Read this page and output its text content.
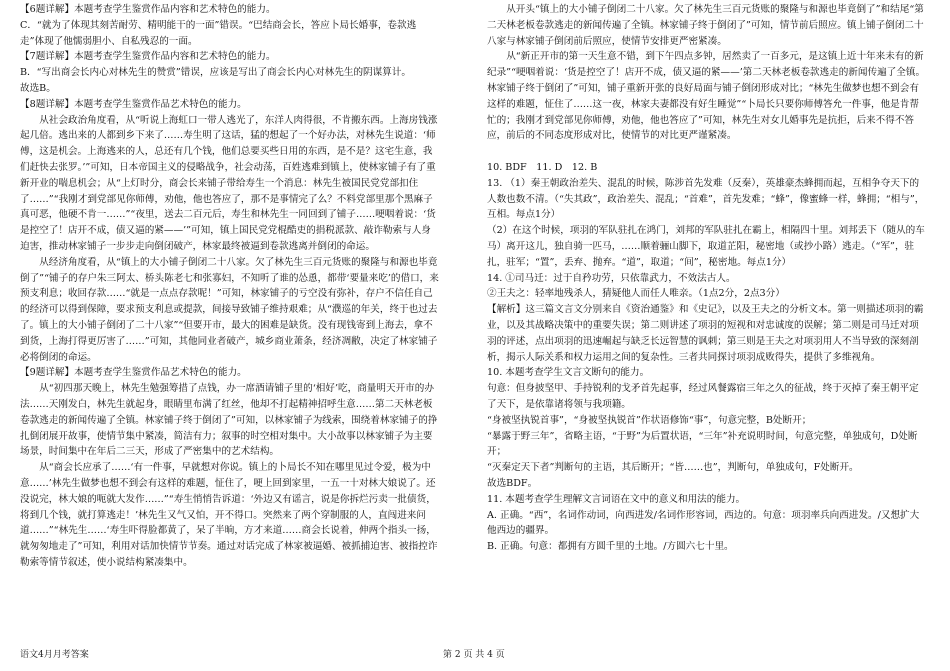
【6题详解】本题考查学生鉴赏作品内容和艺术特色的能力。

C．“就为了体现其刻苦耐劳、精明能干的一面”错误。“巴结商会长，答应卜局长婚事，卷款逃走”体现了他懦弱胆小、自私残忍的一面。

【7题详解】本题考查学生鉴赏作品内容和艺术特色的能力。

B．“写出商会长内心对林先生的赞赏”错误，应该是写出了商会长内心对林先生的阴谋算计。

故选B。

【8题详解】本题考查学生鉴赏作品艺术特色的能力。

从社会政治角度看，从“听说上海虹口一带人逃光了，东洋人肉得很，不肯搬东西。上海房钱涨起几倍。逃出来的人都到乡下来了……寿生明了这话，猛的想起了一个好办法，对林先生说道：‘师傅，这是机会。上海逃来的人，总还有几个钱，他们总要买些日用的东西，是不是？这宅生意，我们赶快去张罗。’”可知，日本帝国主义的侵略战争，社会动荡，百姓逃难到镇上，使林家铺子有了重新开业的喘息机会；从“上灯时分，商会长来铺子带给寿生一个消息：林先生被国民党党部扣住了……”“我刚才到党部见你师傅，劝他，他也答应了，那不是事情完了么？不料党部里那个黑麻子真可恶，他硬不肯一……”“夜里，送去二百元后，寿生和林先生一同回到了铺子……哽咽着说：‘货是控空了！店开不成，债又逼的紧——’”可知，镇上国民党党棍酷吏的捐税派款、敲诈勒索与人身迫害，推动林家铺子一步步走向倒闭破产，林家最终被逼到卷款逃离并倒闭的命运。

从经济角度看，从“镇上的大小铺子倒闭二十八家。欠了林先生三百元货账的聚隆与和源也毕竟倒了”“铺子的存户朱三阿太、桥头陈老七和张寡妇，不知听了谁的怂恿，都带‘要量来吃’的借口，来预支利息；收回存款……“就是一点点存款呢！”可知，林家铺子的亏空没有弥补，存户不信任自己的经济可以得到保障，要求预支利息或提款，间接导致铺子维持艰难；从“濮巡的年关，终于也过去了。镇上的大小铺子倒闭了二十八家”“但要开市，最大的困难是缺货。没有现钱寄到上海去，拿不到货，上海打得更厉害了……”可知，其他同业者破产，城乡商业萧条，经济凋敝，决定了林家铺子必将倒闭的命运。

【9题详解】本题考查学生鉴赏作品艺术特色的能力。

从“初四那天晚上，林先生勉强筹措了点钱，办一席酒请铺子里的‘相好’吃，商量明天开市的办法……天刚发白，林先生就起身，眼睛里布满了红丝，他却不打起精神招呼生意……第二天林老板卷款逃走的新闻传遍了全镇。林家铺子终于倒闭了”可知，以林家铺子为线索，围绕着林家铺子的挣扎倒闭展开故事，使情节集中紧凑，简洁有力；叙事的时空相对集中。大小故事以林家铺子为主要场景，时间集中在年后二三天，形成了严密集中的艺术结构。

从“商会长应承了……‘有一件事，早就想对你说。镇上的卜局长不知在哪里见过令爱，极为中意……’林先生做梦也想不到会有这样的难题，怔住了，哽上回到家里，一五一十对林大娘说了。还没说完，林大娘的呃就大发作……”“寿生悄悄告诉道：‘外边又有谣言，说是你拆烂污卖一批债货，将到几个钱，就打算逃走！’林先生又气又怕，开不得口。突然来了两个穿制服的人，直闯进来问道……”“林先生……‘寿生吓得脸都黄了，呆了半晌，方才来道……商会长说着，伸两个指头一扬，就匆匆地走了”可知，利用对话加快情节节奏。通过对话完成了林家被逼婚、被抓捕迫害、被指控诈勒索等情节叙述，使小说结构紧凑集中。

从开头“镇上的大小铺子倒闭二十八家。欠了林先生三百元货账的聚隆与和源也毕竟倒了”和结尾“第二天林老板卷款逃走的新闻传遍了全镇。林家铺子终于倒闭了”可知，情节前后照应。镇上铺子倒闭二十八家与林家铺子倒闭前后照应，使情节安排更严密紧凑。

从“新正开市的第一天生意不错，到下午四点多钟，居然卖了一百多元，是这镇上近十年来未有的新纪录”“哽咽着说：‘货是控空了！店开不成，债又逼的紧——’第二天林老板卷款逃走的新闻传遍了全镇。林家铺子终于倒闭了”可知，铺子重新开张的良好局面与铺子倒闭形成对比；“林先生做梦也想不到会有这样的难题，怔住了……这一夜，林家夫妻都没有好生睡觉”“卜局长只要你师傅答允一件事，他是肯帮忙的；我刚才到党部见你师傅，劝他，他也答应了”可知，林先生对女儿婚事先是抗拒，后来不得不答应，前后的不同态度形成对比，使情节的对比更严谨紧凑。

10. BDF　11. D　12. B

13. （1）秦王朝政治差失、混乱的时候，陈涉首先发难（反秦），英雄豪杰蜂拥而起，互相争夺天下的人数也数不清。（“失其政”，政治差失、混乱；“首难”，首先发难；“蜂”，像蜜蜂一样，蜂拥；“相与”，互相。每点1分）

（2）在这个时候，项羽的军队驻扎在鸿门，刘邦的军队驻扎在霸上，相隔四十里。刘邦丢下（随从的车马）离开这儿，独自骑一匹马，……顺着骊山脚下，取道芷阳，秘密地（或抄小路）逃走。（“军”，驻扎，驻军；“置”，丢弃、抛弃。“道”，取道；“间”，秘密地。每点1分）

14. ①司马迁：过于自矜功劳，只依靠武力，不效法古人。

②王夫之：轻率地残杀人，猜疑他人而任人唯亲。（1点2分，2点3分）

【解析】这三篇文言文分别来自《资治通鉴》和《史记》，以及王夫之的分析文本。第一则描述项羽的霸业，以及其战略决策中的重要失误；第二则讲述了项羽的短视和对忠诚度的误解；第二则是司马迁对项羽的评述，点出项羽的迅速崛起与缺乏长远智慧的讽刺；第三则是王夫之对项羽用人不当导致的深刻剖析，揭示人际关系和权力运用之间的复杂性。三者共同探讨项羽成败得失，提供了多维视角。

10. 本题考查学生文言文断句的能力。

句意：但身披坚甲、手持锐利的戈矛首先起事，经过风餐露宿三年之久的征战，终于灭掉了秦王朝平定了天下，是依靠诸将领与我项籍。

“身被坚执锐首事”，“身被坚执锐首”作状语修饰“事”，句意完整，B处断开；

“暴露于野三年”，省略主语，“于野”为后置状语，“三年”补充说明时间，句意完整，单独成句，D处断开；

“灭秦定天下者”判断句的主语，其后断开；“皆……也”，判断句，单独成句，F处断开。

故选BDF。

11. 本题考查学生理解文言词语在文中的意义和用法的能力。

A. 正确。“西”，名词作动词，向西进发/名词作形容词，西边的。句意：项羽率兵向西进发。/又想扩大他西边的疆界。

B. 正确。句意：都拥有方圆千里的土地。/方圆六七十里。

语文4月月考答案	第 2 页 共 4 页
